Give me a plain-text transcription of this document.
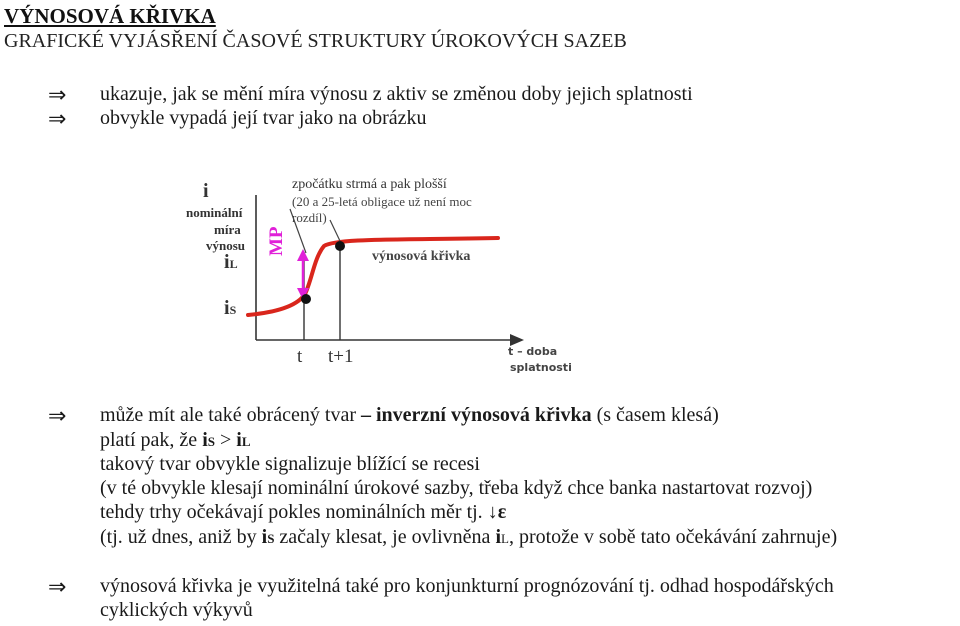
VÝNOSOVÁ KŘIVKA
GRAFICKÉ VYJÁSŘENÍ ČASOVÉ STRUKTURY ÚROKOVÝCH SAZEB
⇒ ukazuje, jak se mění míra výnosu z aktiv se změnou doby jejich splatnosti
⇒ obvykle vypadá její tvar jako na obrázku
i
nominální
míra
výnosu
iL
iS
MP
zpočátku strmá a pak plošší
(20 a 25-letá obligace už není moc
rozdíl)
výnosová křivka
t t+1	t – doba
splatnosti
⇒ může mít ale také obrácený tvar – inverzní výnosová křivka (s časem klesá)
platí pak, že iS > iL
takový tvar obvykle signalizuje blížící se recesi
(v té obvykle klesají nominální úrokové sazby, třeba když chce banka nastartovat rozvoj)
tehdy trhy očekávají pokles nominálních měr tj. ↓ε
(tj. už dnes, aniž by iS začaly klesat, je ovlivněna iL, protože v sobě tato očekávání zahrnuje)
⇒ výnosová křivka je využitelná také pro konjunkturní prognózování tj. odhad hospodářských
cyklických výkyvů
